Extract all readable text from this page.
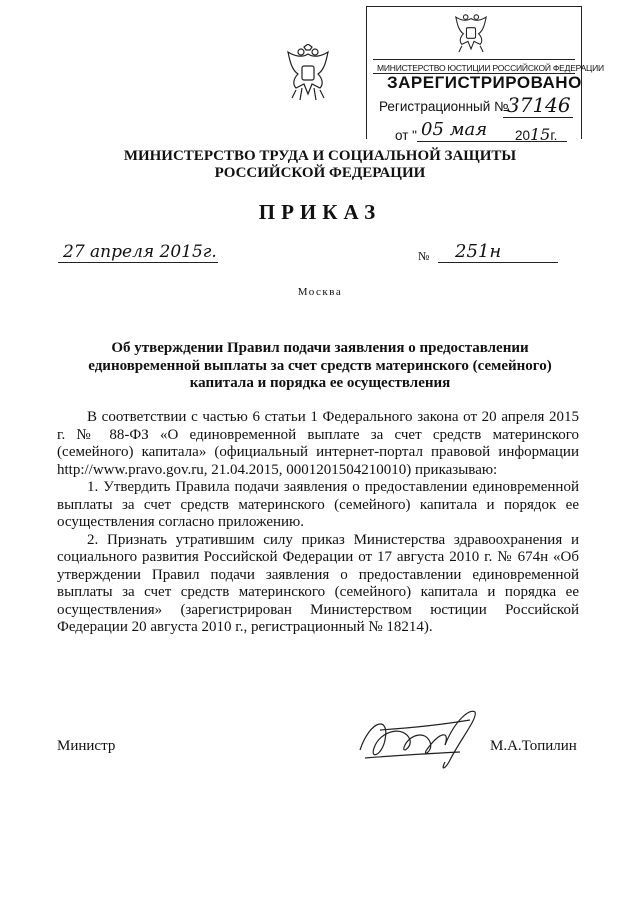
МИНИСТЕРСТВО ЮСТИЦИИ РОССИЙСКОЙ ФЕДЕРАЦИИ
ЗАРЕГИСТРИРОВАНО
Регистрационный №
37146
от "	2015г.
05 мая
МИНИСТЕРСТВО ТРУДА И СОЦИАЛЬНОЙ ЗАЩИТЫ
РОССИЙСКОЙ ФЕДЕРАЦИИ
ПРИКАЗ
27 апреля 2015г.	№ 251н
Москва
Об утверждении Правил подачи заявления о предоставлении
единовременной выплаты за счет средств материнского (семейного)
капитала и порядка ее осуществления

В соответствии с частью 6 статьи 1 Федерального закона от 20 апреля 2015 г. № 88-ФЗ «О единовременной выплате за счет средств материнского (семейного) капитала» (официальный интернет-портал правовой информации http://www.pravo.gov.ru, 21.04.2015, 0001201504210010) приказываю:

1. Утвердить Правила подачи заявления о предоставлении единовременной выплаты за счет средств материнского (семейного) капитала и порядок ее осуществления согласно приложению.

2. Признать утратившим силу приказ Министерства здравоохранения и социального развития Российской Федерации от 17 августа 2010 г. № 674н «Об утверждении Правил подачи заявления о предоставлении единовременной выплаты за счет средств материнского (семейного) капитала и порядка ее осуществления» (зарегистрирован Министерством юстиции Российской Федерации 20 августа 2010 г., регистрационный № 18214).

Министр	М.А.Топилин
